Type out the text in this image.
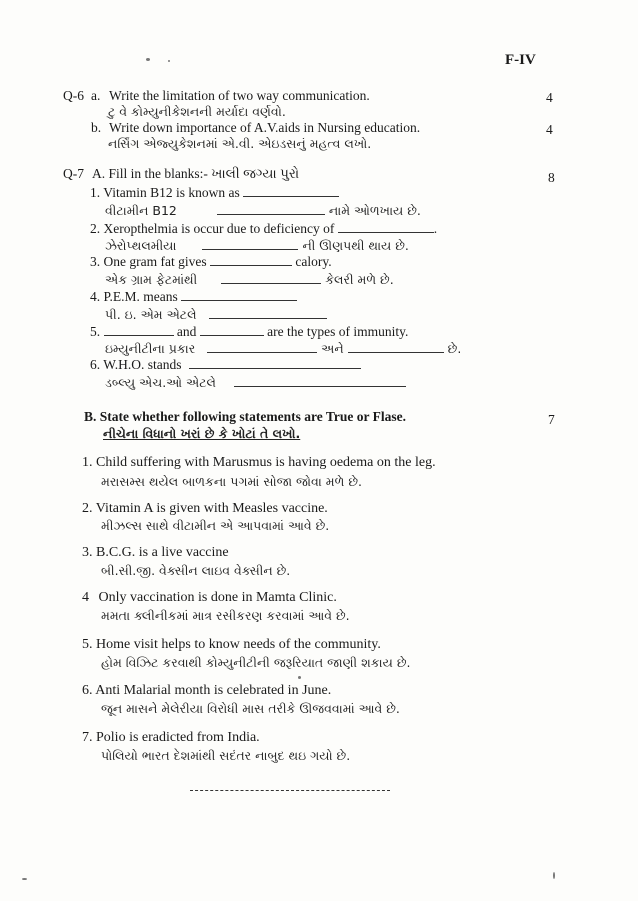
F-IV
Q-6 a. Write the limitation of two way communication.	4
ટુ વે કોમ્યુનીકેશનની મર્યાદા વર્ણવો.
b. Write down importance of A.V.aids in Nursing education.	4
નર્સિંગ એજ્યુકેશનમાં એ.વી. એઇડસનું મહત્વ લખો.
Q-7 A. Fill in the blanks:- ખાલી જગ્યા પુરો	8
1. Vitamin B12 is known as
વીટામીન B12	નામે ઓળખાય છે.
2. Xeropthelmia is occur due to deficiency of	.
ઝેરોપ્થલમીયા	ની ઊણપથી થાય છે.
3. One gram fat gives	calory.
એક ગ્રામ ફેટમાંથી	કેલરી મળે છે.
4. P.E.M. means
પી. ઇ. એમ એટલે
5.	and	are the types of immunity.
ઇમ્યુનીટીના પ્રકાર	અને	છે.
6. W.H.O. stands
ડબ્લ્યુ એચ.ઓ એટલે
B. State whether following statements are True or Flase.	7
નીચેના વિધાનો ખરાં છે કે ખોટાં તે લખો.
1. Child suffering with Marusmus is having oedema on the leg.
મરાસમ્સ થયેલ બાળકના પગમાં સોજા જોવા મળે છે.
2. Vitamin A is given with Measles vaccine.
મીઝલ્સ સાથે વીટામીન એ આપવામાં આવે છે.
3. B.C.G. is a live vaccine
બી.સી.જી. વેક્સીન લાઇવ વેક્સીન છે.
4 Only vaccination is done in Mamta Clinic.
મમતા ક્લીનીકમાં માત્ર રસીકરણ કરવામાં આવે છે.
5. Home visit helps to know needs of the community.
હોમ વિઝિટ કરવાથી કોમ્યુનીટીની જરૂરિયાત જાણી શકાય છે.
6. Anti Malarial month is celebrated in June.
જૂન માસને મેલેરીયા વિરોધી માસ તરીકે ઊજવવામાં આવે છે.
7. Polio is eradicted from India.
પોલિયો ભારત દેશમાંથી સદંતર નાબુદ થઇ ગયો છે.
